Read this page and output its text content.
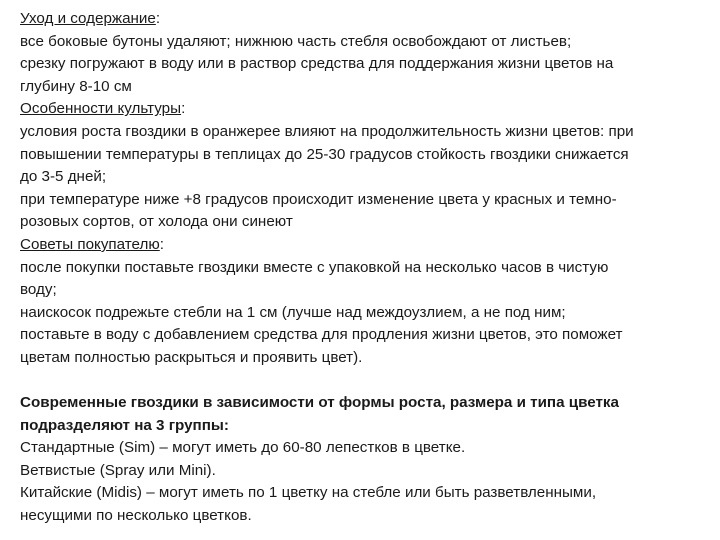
Уход и содержание:
все боковые бутоны удаляют; нижнюю часть стебля освобождают от листьев;
срезку погружают в воду или в раствор средства для поддержания жизни цветов на
глубину 8-10 см
Особенности культуры:
условия роста гвоздики в оранжерее влияют на продолжительность жизни цветов: при
повышении температуры в теплицах до 25-30 градусов стойкость гвоздики снижается
до 3-5 дней;
при температуре ниже +8 градусов происходит изменение цвета у красных и темно-
розовых сортов, от холода они синеют
Советы покупателю:
после покупки поставьте гвоздики вместе с упаковкой на несколько часов в чистую
воду;
наискосок подрежьте стебли на 1 см (лучше над междоузлием, а не под ним;
поставьте в воду с добавлением средства для продления жизни цветов, это поможет
цветам полностью раскрыться и проявить цвет).
Современные гвоздики в зависимости от формы роста, размера и типа цветка
подразделяют на 3 группы:
Стандартные (Sim) – могут иметь до 60-80 лепестков в цветке.
Ветвистые (Spray или Mini).
Китайские (Midis) – могут иметь по 1 цветку на стебле или быть разветвленными,
несущими по несколько цветков.
